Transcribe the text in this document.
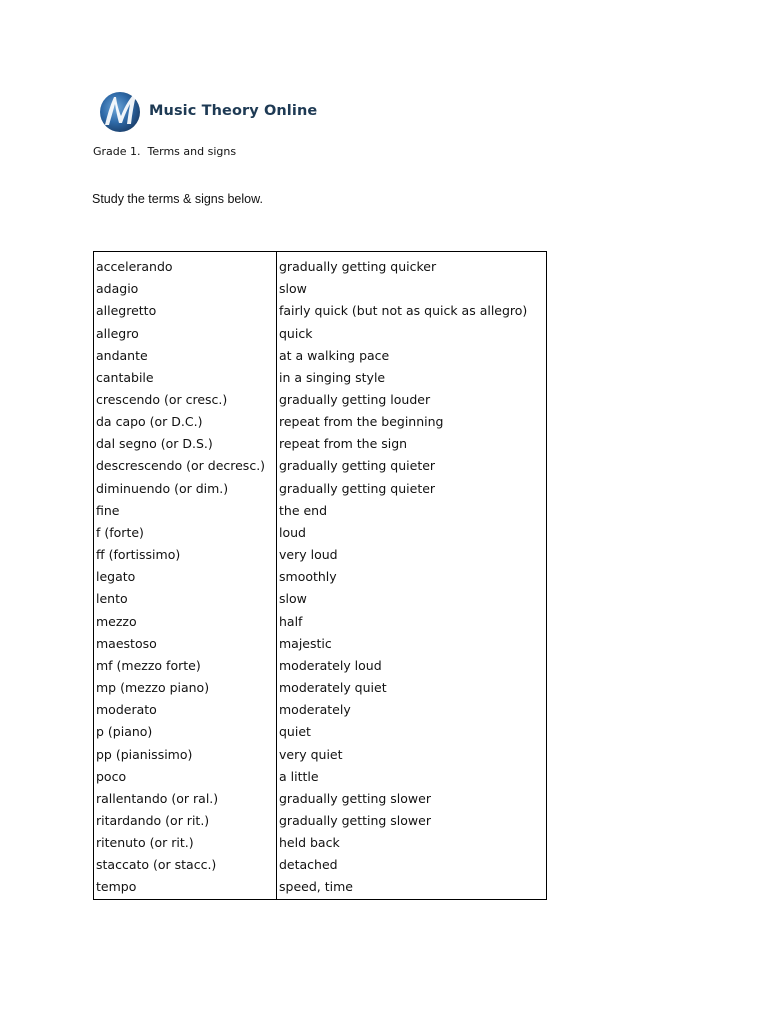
Music Theory Online
Grade 1.  Terms and signs
Study the terms & signs below.
accelerando	gradually getting quicker
adagio	slow
allegretto	fairly quick (but not as quick as allegro)
allegro	quick
andante	at a walking pace
cantabile	in a singing style
crescendo (or cresc.)	gradually getting louder
da capo (or D.C.)	repeat from the beginning
dal segno (or D.S.)	repeat from the sign
descrescendo (or decresc.)	gradually getting quieter
diminuendo (or dim.)	gradually getting quieter
fine	the end
f (forte)	loud
ff (fortissimo)	very loud
legato	smoothly
lento	slow
mezzo	half
maestoso	majestic
mf (mezzo forte)	moderately loud
mp (mezzo piano)	moderately quiet
moderato	moderately
p (piano)	quiet
pp (pianissimo)	very quiet
poco	a little
rallentando (or ral.)	gradually getting slower
ritardando (or rit.)	gradually getting slower
ritenuto (or rit.)	held back
staccato (or stacc.)	detached
tempo	speed, time
